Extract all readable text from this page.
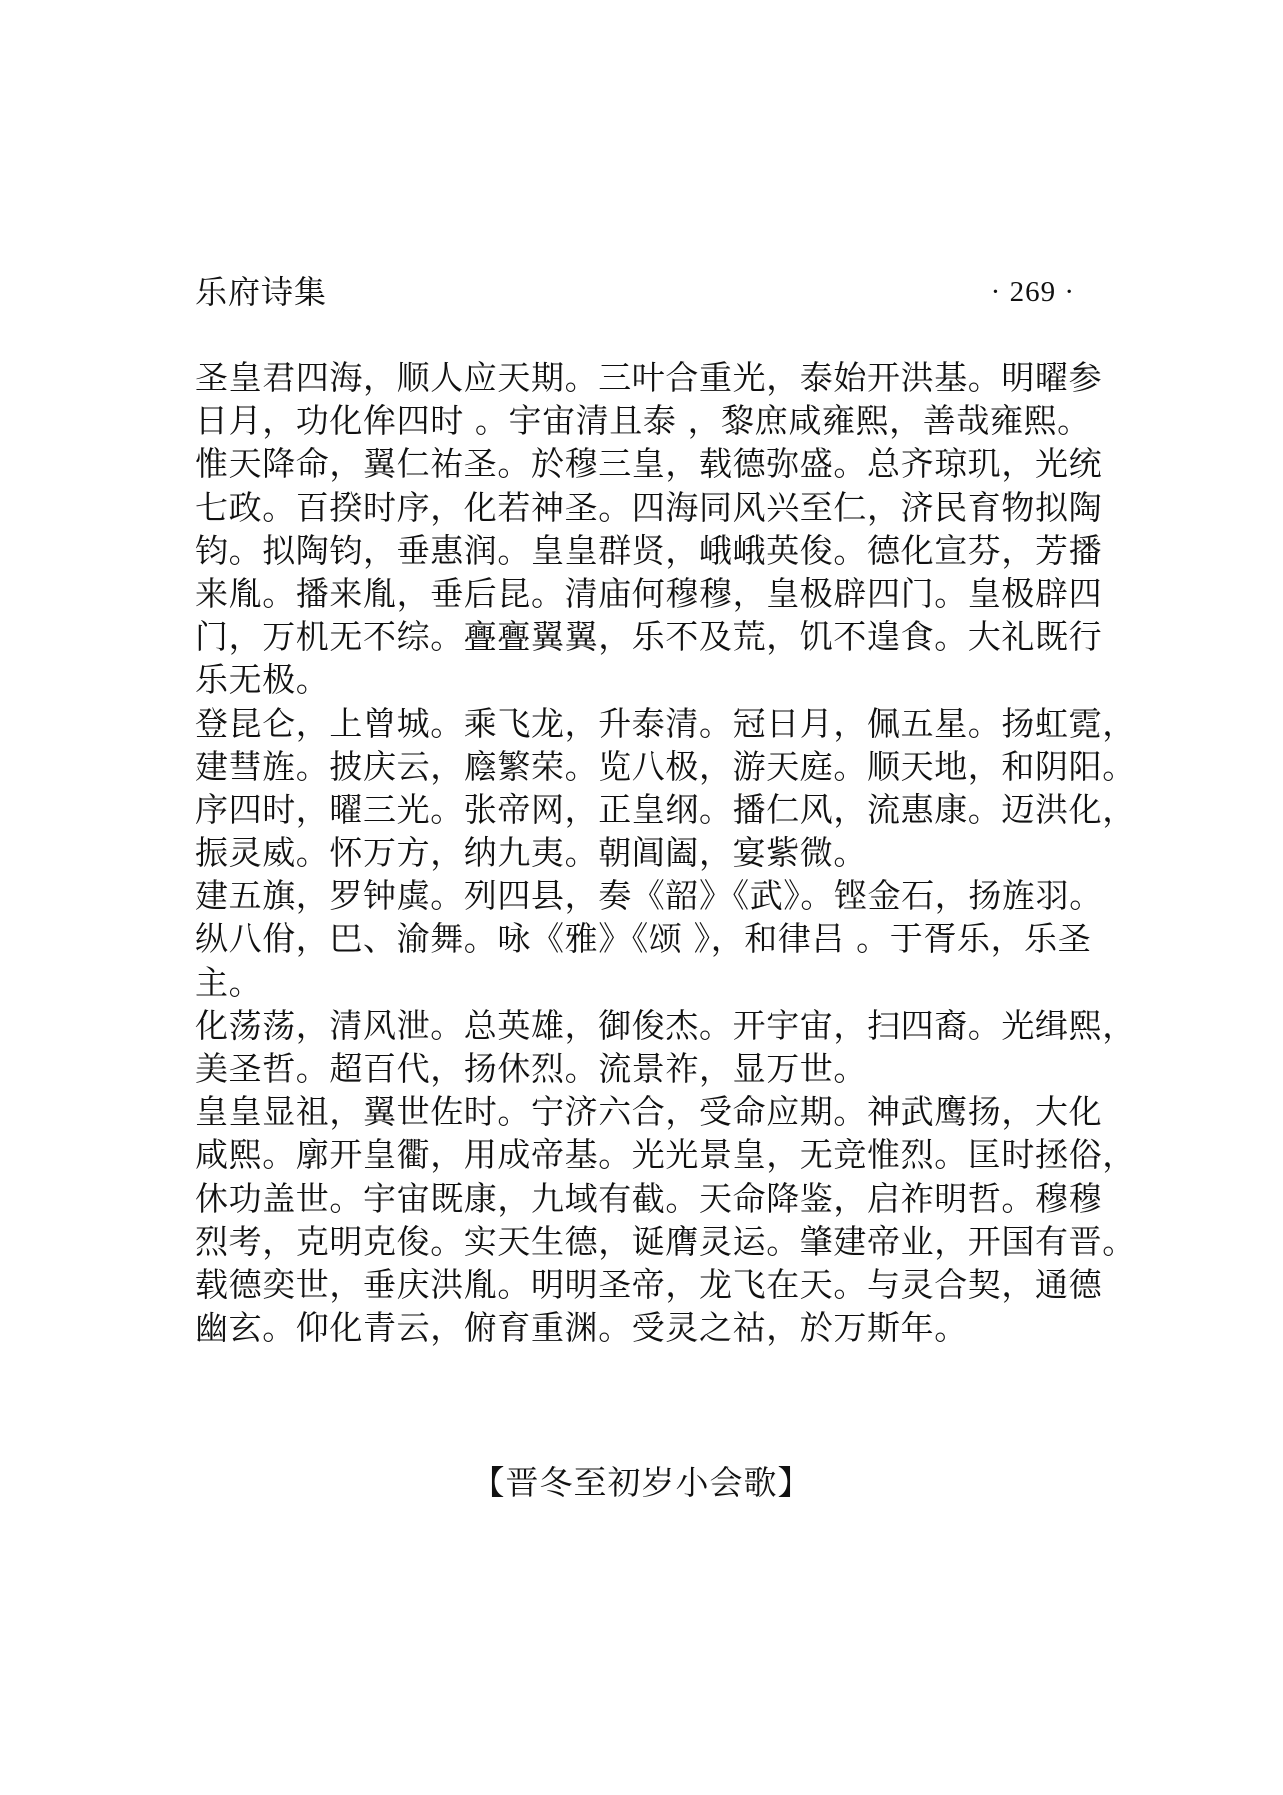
乐府诗集	· 269 ·

圣皇君四海，顺人应天期。三叶合重光，泰始开洪基。明曜参
日月，功化侔四时 。宇宙清且泰 ，黎庶咸雍熙，善哉雍熙。

惟天降命，翼仁祐圣。於穆三皇，载德弥盛。总齐琼玑，光统
七政。百揆时序，化若神圣。四海同风兴至仁，济民育物拟陶
钧。拟陶钧，垂惠润。皇皇群贤，峨峨英俊。德化宣芬，芳播
来胤。播来胤，垂后昆。清庙何穆穆，皇极辟四门。皇极辟四
门，万机无不综。亹亹翼翼，乐不及荒，饥不遑食。大礼既行
乐无极。

登昆仑，上曾城。乘飞龙，升泰清。冠日月，佩五星。扬虹霓，
建彗旌。披庆云，廕繁荣。览八极，游天庭。顺天地，和阴阳。
序四时，曜三光。张帝网，正皇纲。播仁风，流惠康。迈洪化，
振灵威。怀万方，纳九夷。朝阊阖，宴紫微。

建五旗，罗钟虡。列四县，奏《韶》《武》。铿金石，扬旌羽。
纵八佾，巴、渝舞。咏《雅》《颂 》，和律吕 。于胥乐，乐圣
主。

化荡荡，清风泄。总英雄，御俊杰。开宇宙，扫四裔。光缉熙，
美圣哲。超百代，扬休烈。流景祚，显万世。

皇皇显祖，翼世佐时。宁济六合，受命应期。神武鹰扬，大化
咸熙。廓开皇衢，用成帝基。光光景皇，无竞惟烈。匡时拯俗，
休功盖世。宇宙既康，九域有截。天命降鉴，启祚明哲。穆穆
烈考，克明克俊。实天生德，诞膺灵运。肇建帝业，开国有晋。
载德奕世，垂庆洪胤。明明圣帝，龙飞在天。与灵合契，通德
幽玄。仰化青云，俯育重渊。受灵之祜，於万斯年。

【晋冬至初岁小会歌】
